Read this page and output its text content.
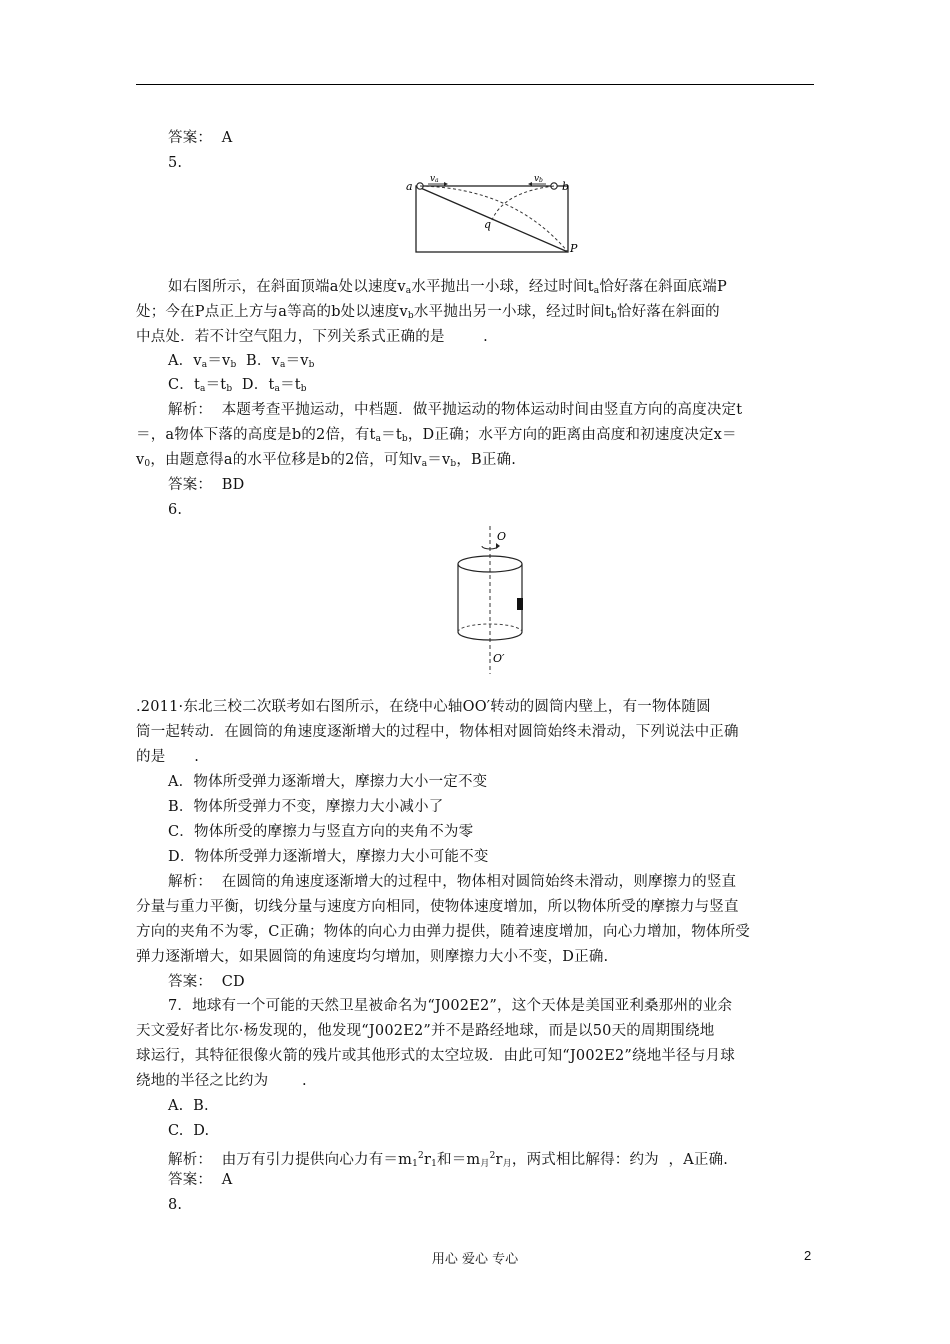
答案：  A
5.
如右图所示，在斜面顶端a处以速度$v_a$水平抛出一小球，经过时间$t_a$恰好落在斜面底端P
处；今在P点正上方与a等高的b处以速度$v_b$水平抛出另一小球，经过时间$t_b$恰好落在斜面的
中点处．若不计空气阻力，下列关系式正确的是        .
A．$v_a=v_b$  B．$v_a=v_b$
C．$t_a=t_b$  D．$t_a=t_b$
解析：  本题考查平抛运动，中档题．做平抛运动的物体运动时间由竖直方向的高度决定t
＝，a物体下落的高度是b的2倍，有$t_a=t_b$，D正确；水平方向的距离由高度和初速度决定x＝
$v_0$，由题意得a的水平位移是b的2倍，可知$v_a=v_b$，B正确.
答案：  BD
6.
.2011·东北三校二次联考如右图所示，在绕中心轴OO′转动的圆筒内壁上，有一物体随圆
筒一起转动．在圆筒的角速度逐渐增大的过程中，物体相对圆筒始终未滑动，下列说法中正确
的是      .
A．物体所受弹力逐渐增大，摩擦力大小一定不变
B．物体所受弹力不变，摩擦力大小减小了
C．物体所受的摩擦力与竖直方向的夹角不为零
D．物体所受弹力逐渐增大，摩擦力大小可能不变
解析：  在圆筒的角速度逐渐增大的过程中，物体相对圆筒始终未滑动，则摩擦力的竖直
分量与重力平衡，切线分量与速度方向相同，使物体速度增加，所以物体所受的摩擦力与竖直
方向的夹角不为零，C正确；物体的向心力由弹力提供，随着速度增加，向心力增加，物体所受
弹力逐渐增大，如果圆筒的角速度均匀增加，则摩擦力大小不变，D正确.
答案：  CD
7．地球有一个可能的天然卫星被命名为“J002E2”，这个天体是美国亚利桑那州的业余
天文爱好者比尔·杨发现的，他发现“J002E2”并不是路经地球，而是以50天的周期围绕地
球运行，其特征很像火箭的残片或其他形式的太空垃圾．由此可知“J002E2”绕地半径与月球
绕地的半径之比约为       .
A.  B.
C.  D.
解析：  由万有引力提供向心力有$=m_1^2r_1$和$=m_月^2r_月$，两式相比解得：约为  ，A正确.
答案：  A
8.
a	b
v a	v b
q
P
O
O′
用心 爱心 专心	2
